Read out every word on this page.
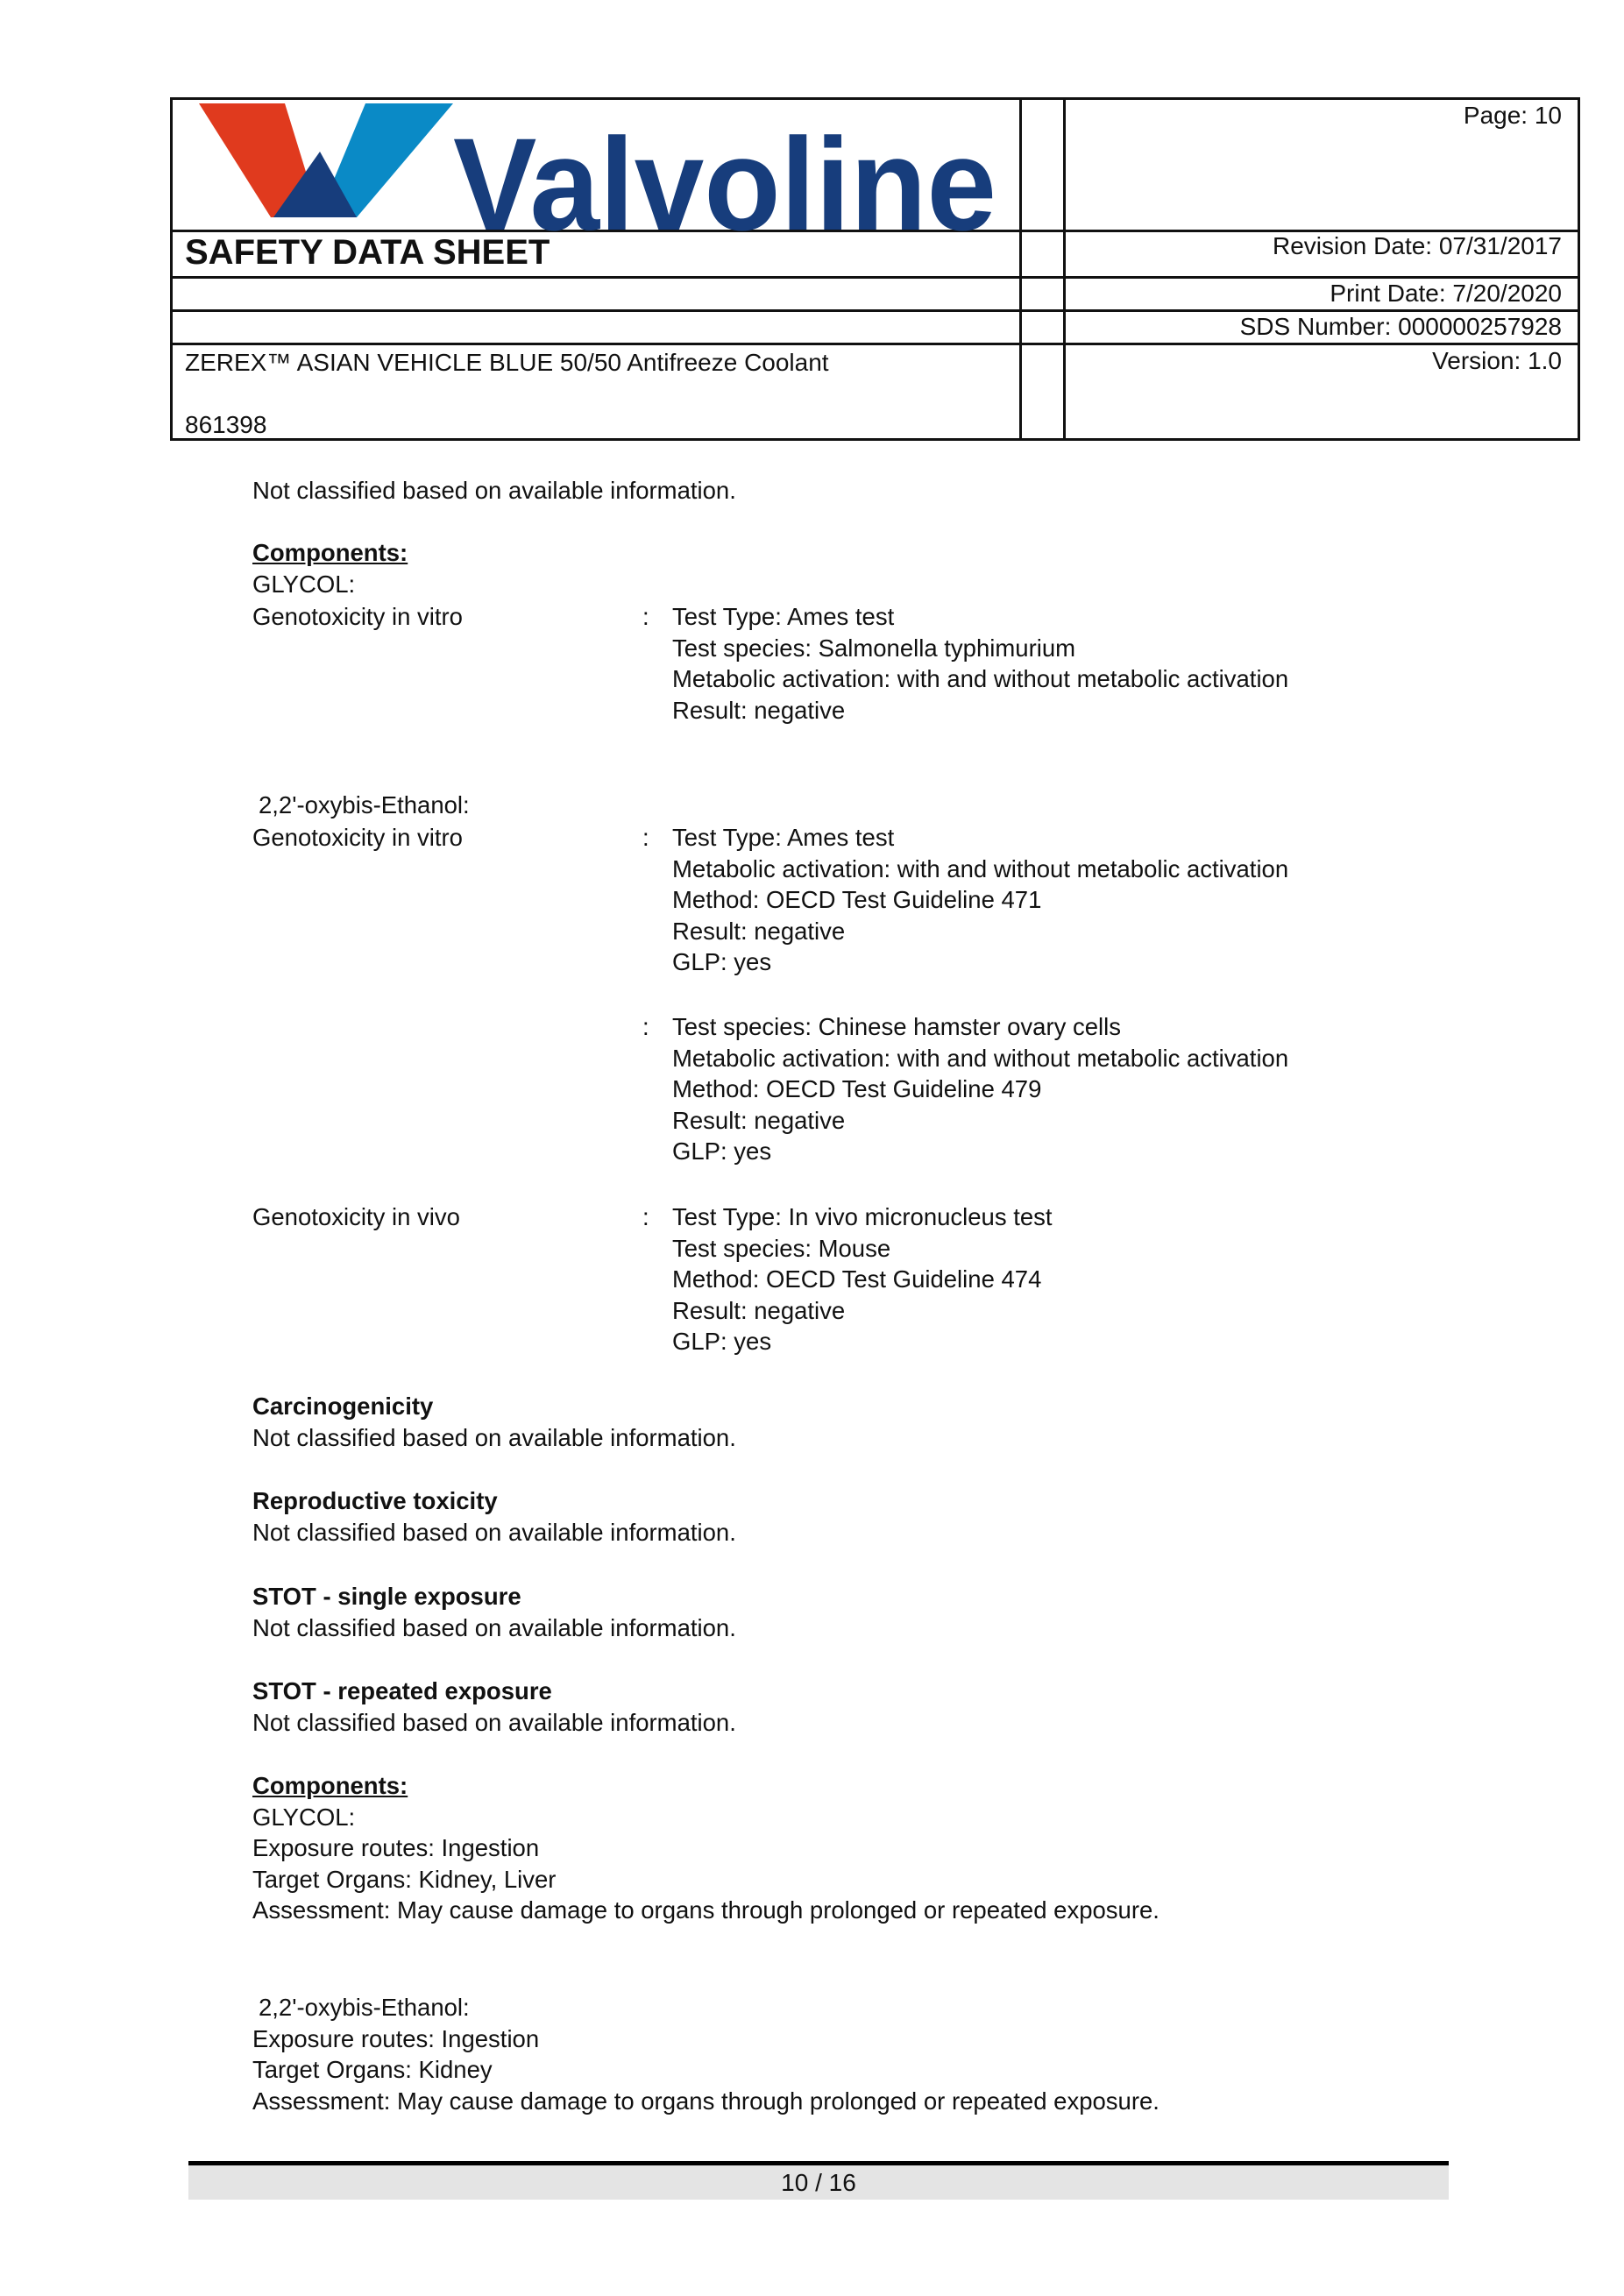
Valvoline
SAFETY DATA SHEET
ZEREX™ ASIAN VEHICLE BLUE 50/50 Antifreeze Coolant
861398
Page: 10
Revision Date: 07/31/2017
Print Date: 7/20/2020
SDS Number: 000000257928
Version: 1.0
Not classified based on available information.
Components:
GLYCOL:
Genotoxicity in vitro	: Test Type: Ames test
Test species: Salmonella typhimurium
Metabolic activation: with and without metabolic activation
Result: negative
2,2'-oxybis-Ethanol:
Genotoxicity in vitro	: Test Type: Ames test
Metabolic activation: with and without metabolic activation
Method: OECD Test Guideline 471
Result: negative
GLP: yes
: Test species: Chinese hamster ovary cells
Metabolic activation: with and without metabolic activation
Method: OECD Test Guideline 479
Result: negative
GLP: yes
Genotoxicity in vivo	: Test Type: In vivo micronucleus test
Test species: Mouse
Method: OECD Test Guideline 474
Result: negative
GLP: yes
Carcinogenicity
Not classified based on available information.
Reproductive toxicity
Not classified based on available information.
STOT - single exposure
Not classified based on available information.
STOT - repeated exposure
Not classified based on available information.
Components:
GLYCOL:
Exposure routes: Ingestion
Target Organs: Kidney, Liver
Assessment: May cause damage to organs through prolonged or repeated exposure.
2,2'-oxybis-Ethanol:
Exposure routes: Ingestion
Target Organs: Kidney
Assessment: May cause damage to organs through prolonged or repeated exposure.
10 / 16
